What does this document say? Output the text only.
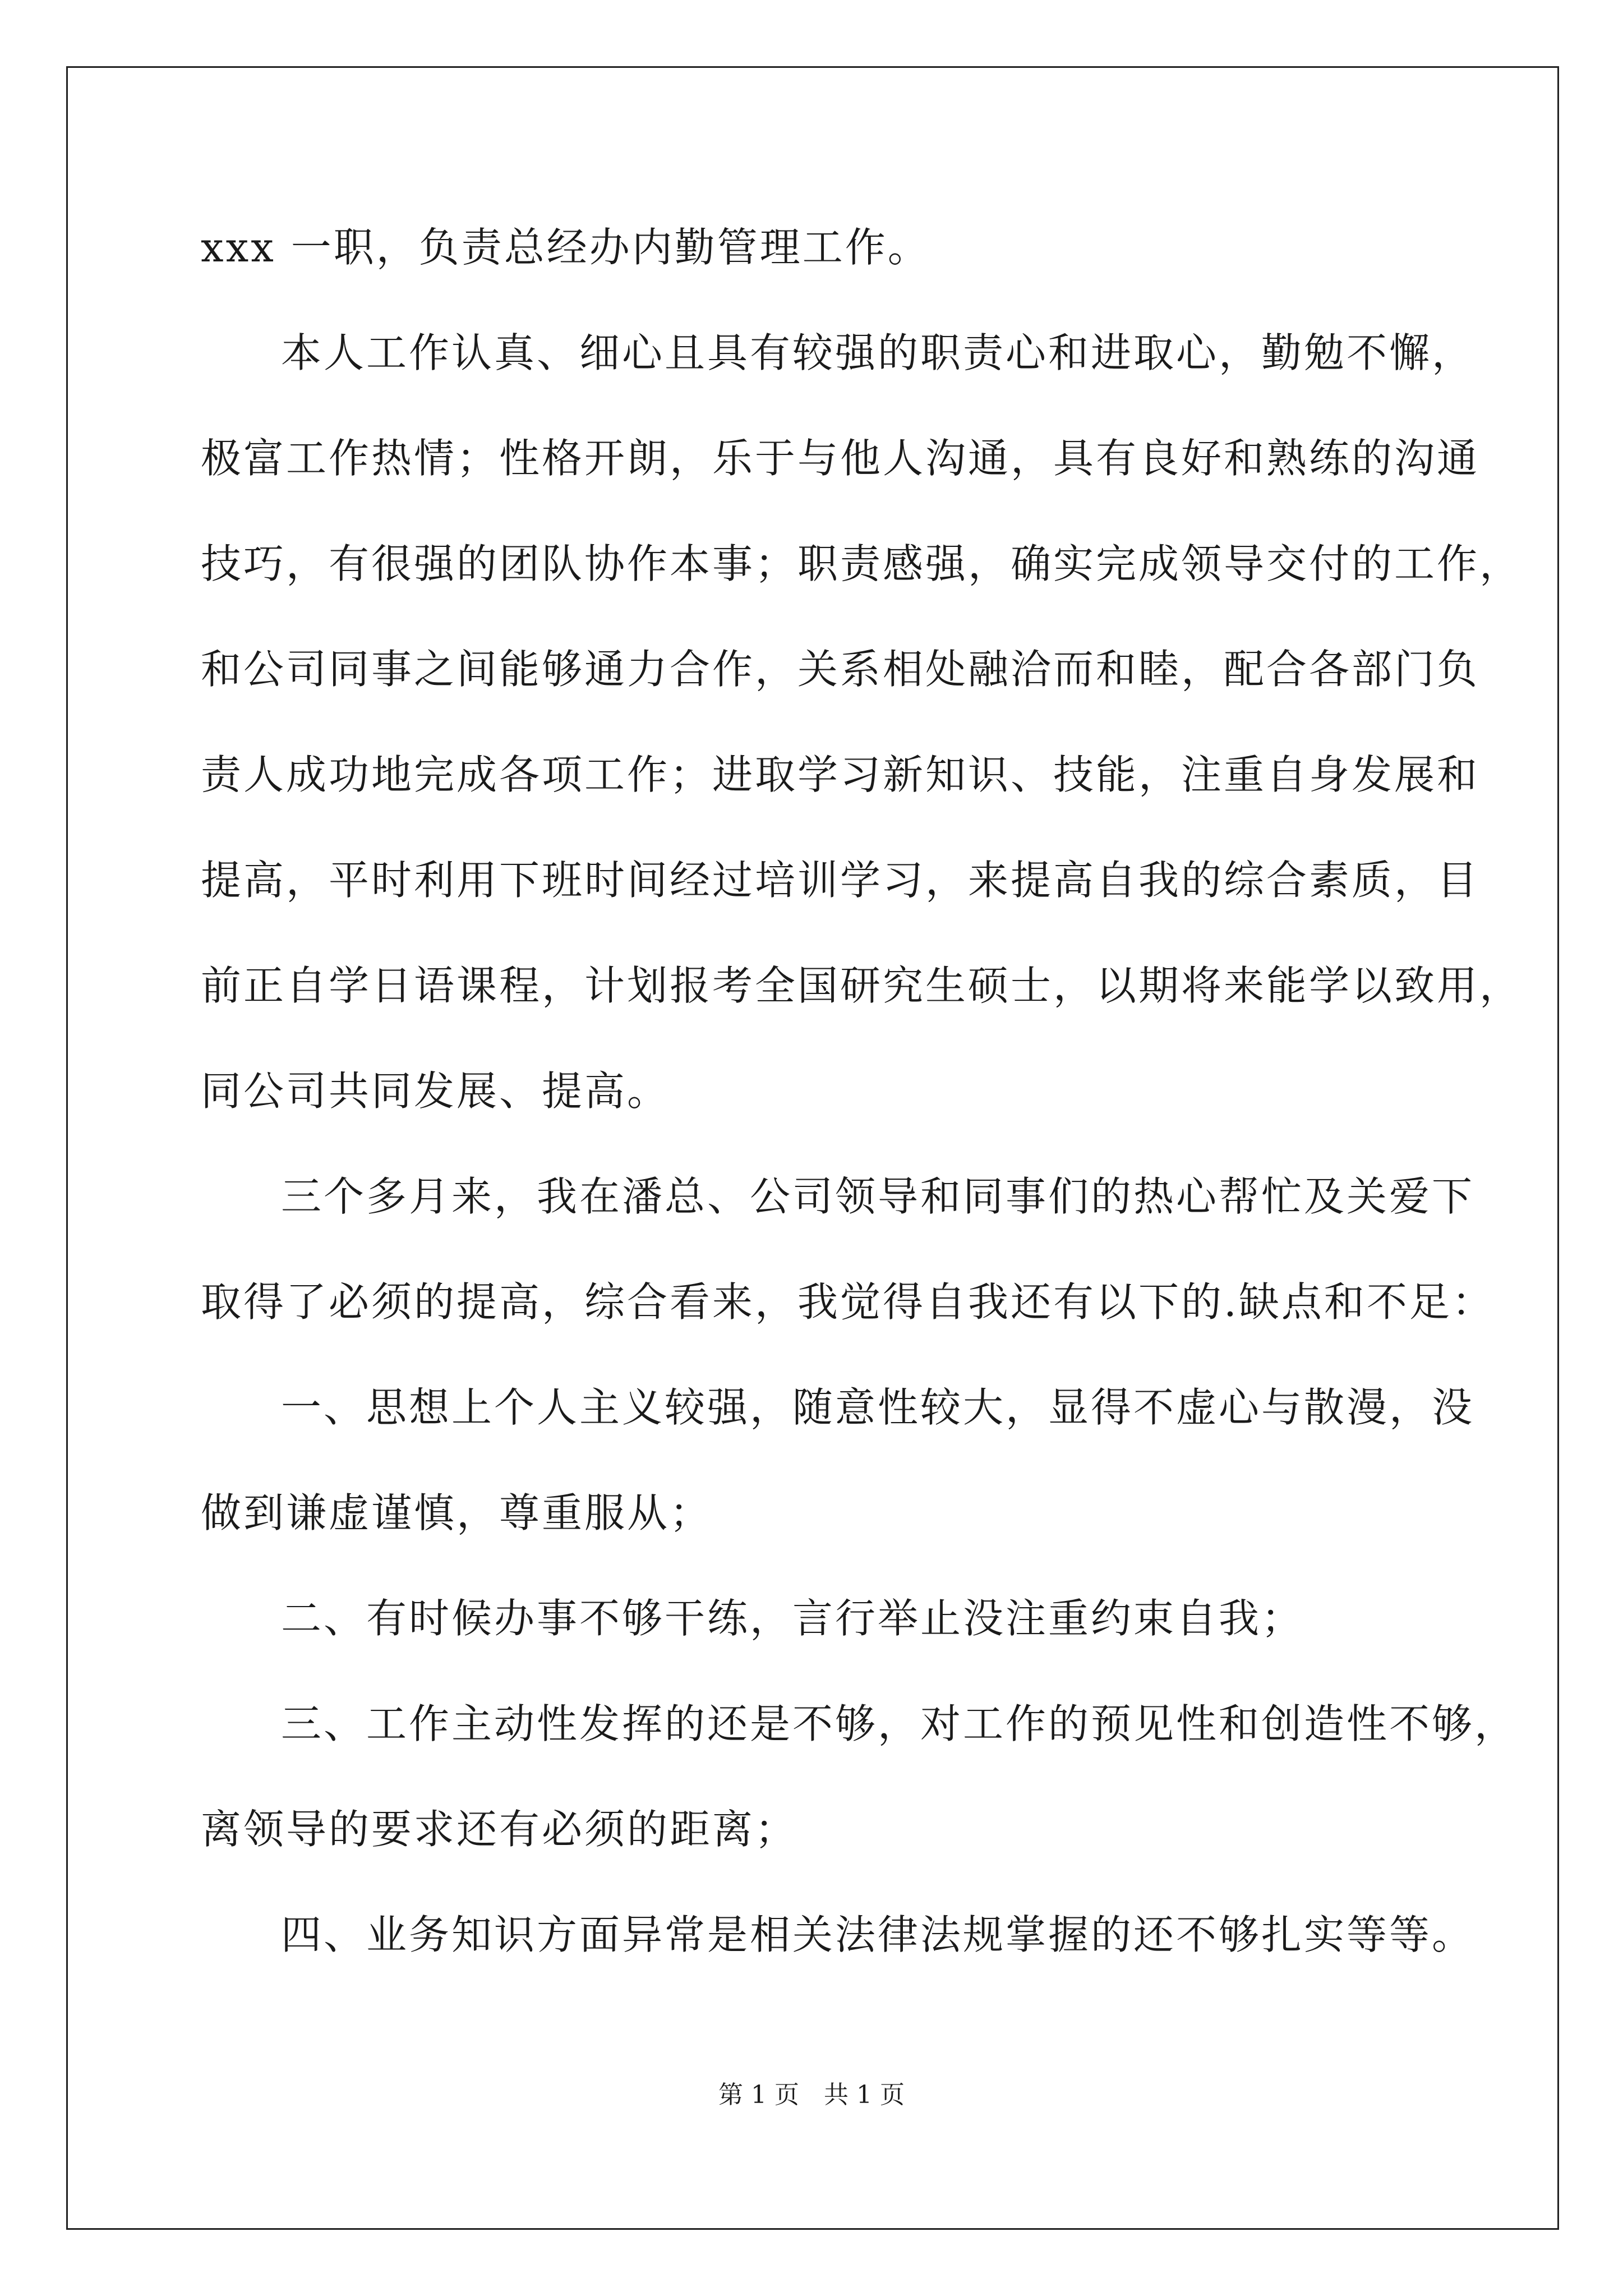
xxx 一职，负责总经办内勤管理工作。
本人工作认真、细心且具有较强的职责心和进取心，勤勉不懈，
极富工作热情；性格开朗，乐于与他人沟通，具有良好和熟练的沟通
技巧，有很强的团队协作本事；职责感强，确实完成领导交付的工作，
和公司同事之间能够通力合作，关系相处融洽而和睦，配合各部门负
责人成功地完成各项工作；进取学习新知识、技能，注重自身发展和
提高，平时利用下班时间经过培训学习，来提高自我的综合素质，目
前正自学日语课程，计划报考全国研究生硕士，以期将来能学以致用，
同公司共同发展、提高。
三个多月来，我在潘总、公司领导和同事们的热心帮忙及关爱下
取得了必须的提高，综合看来，我觉得自我还有以下的.缺点和不足：
一、思想上个人主义较强，随意性较大，显得不虚心与散漫，没
做到谦虚谨慎，尊重服从；
二、有时候办事不够干练，言行举止没注重约束自我；
三、工作主动性发挥的还是不够，对工作的预见性和创造性不够，
离领导的要求还有必须的距离；
四、业务知识方面异常是相关法律法规掌握的还不够扎实等等。
第 1 页　共 1 页
